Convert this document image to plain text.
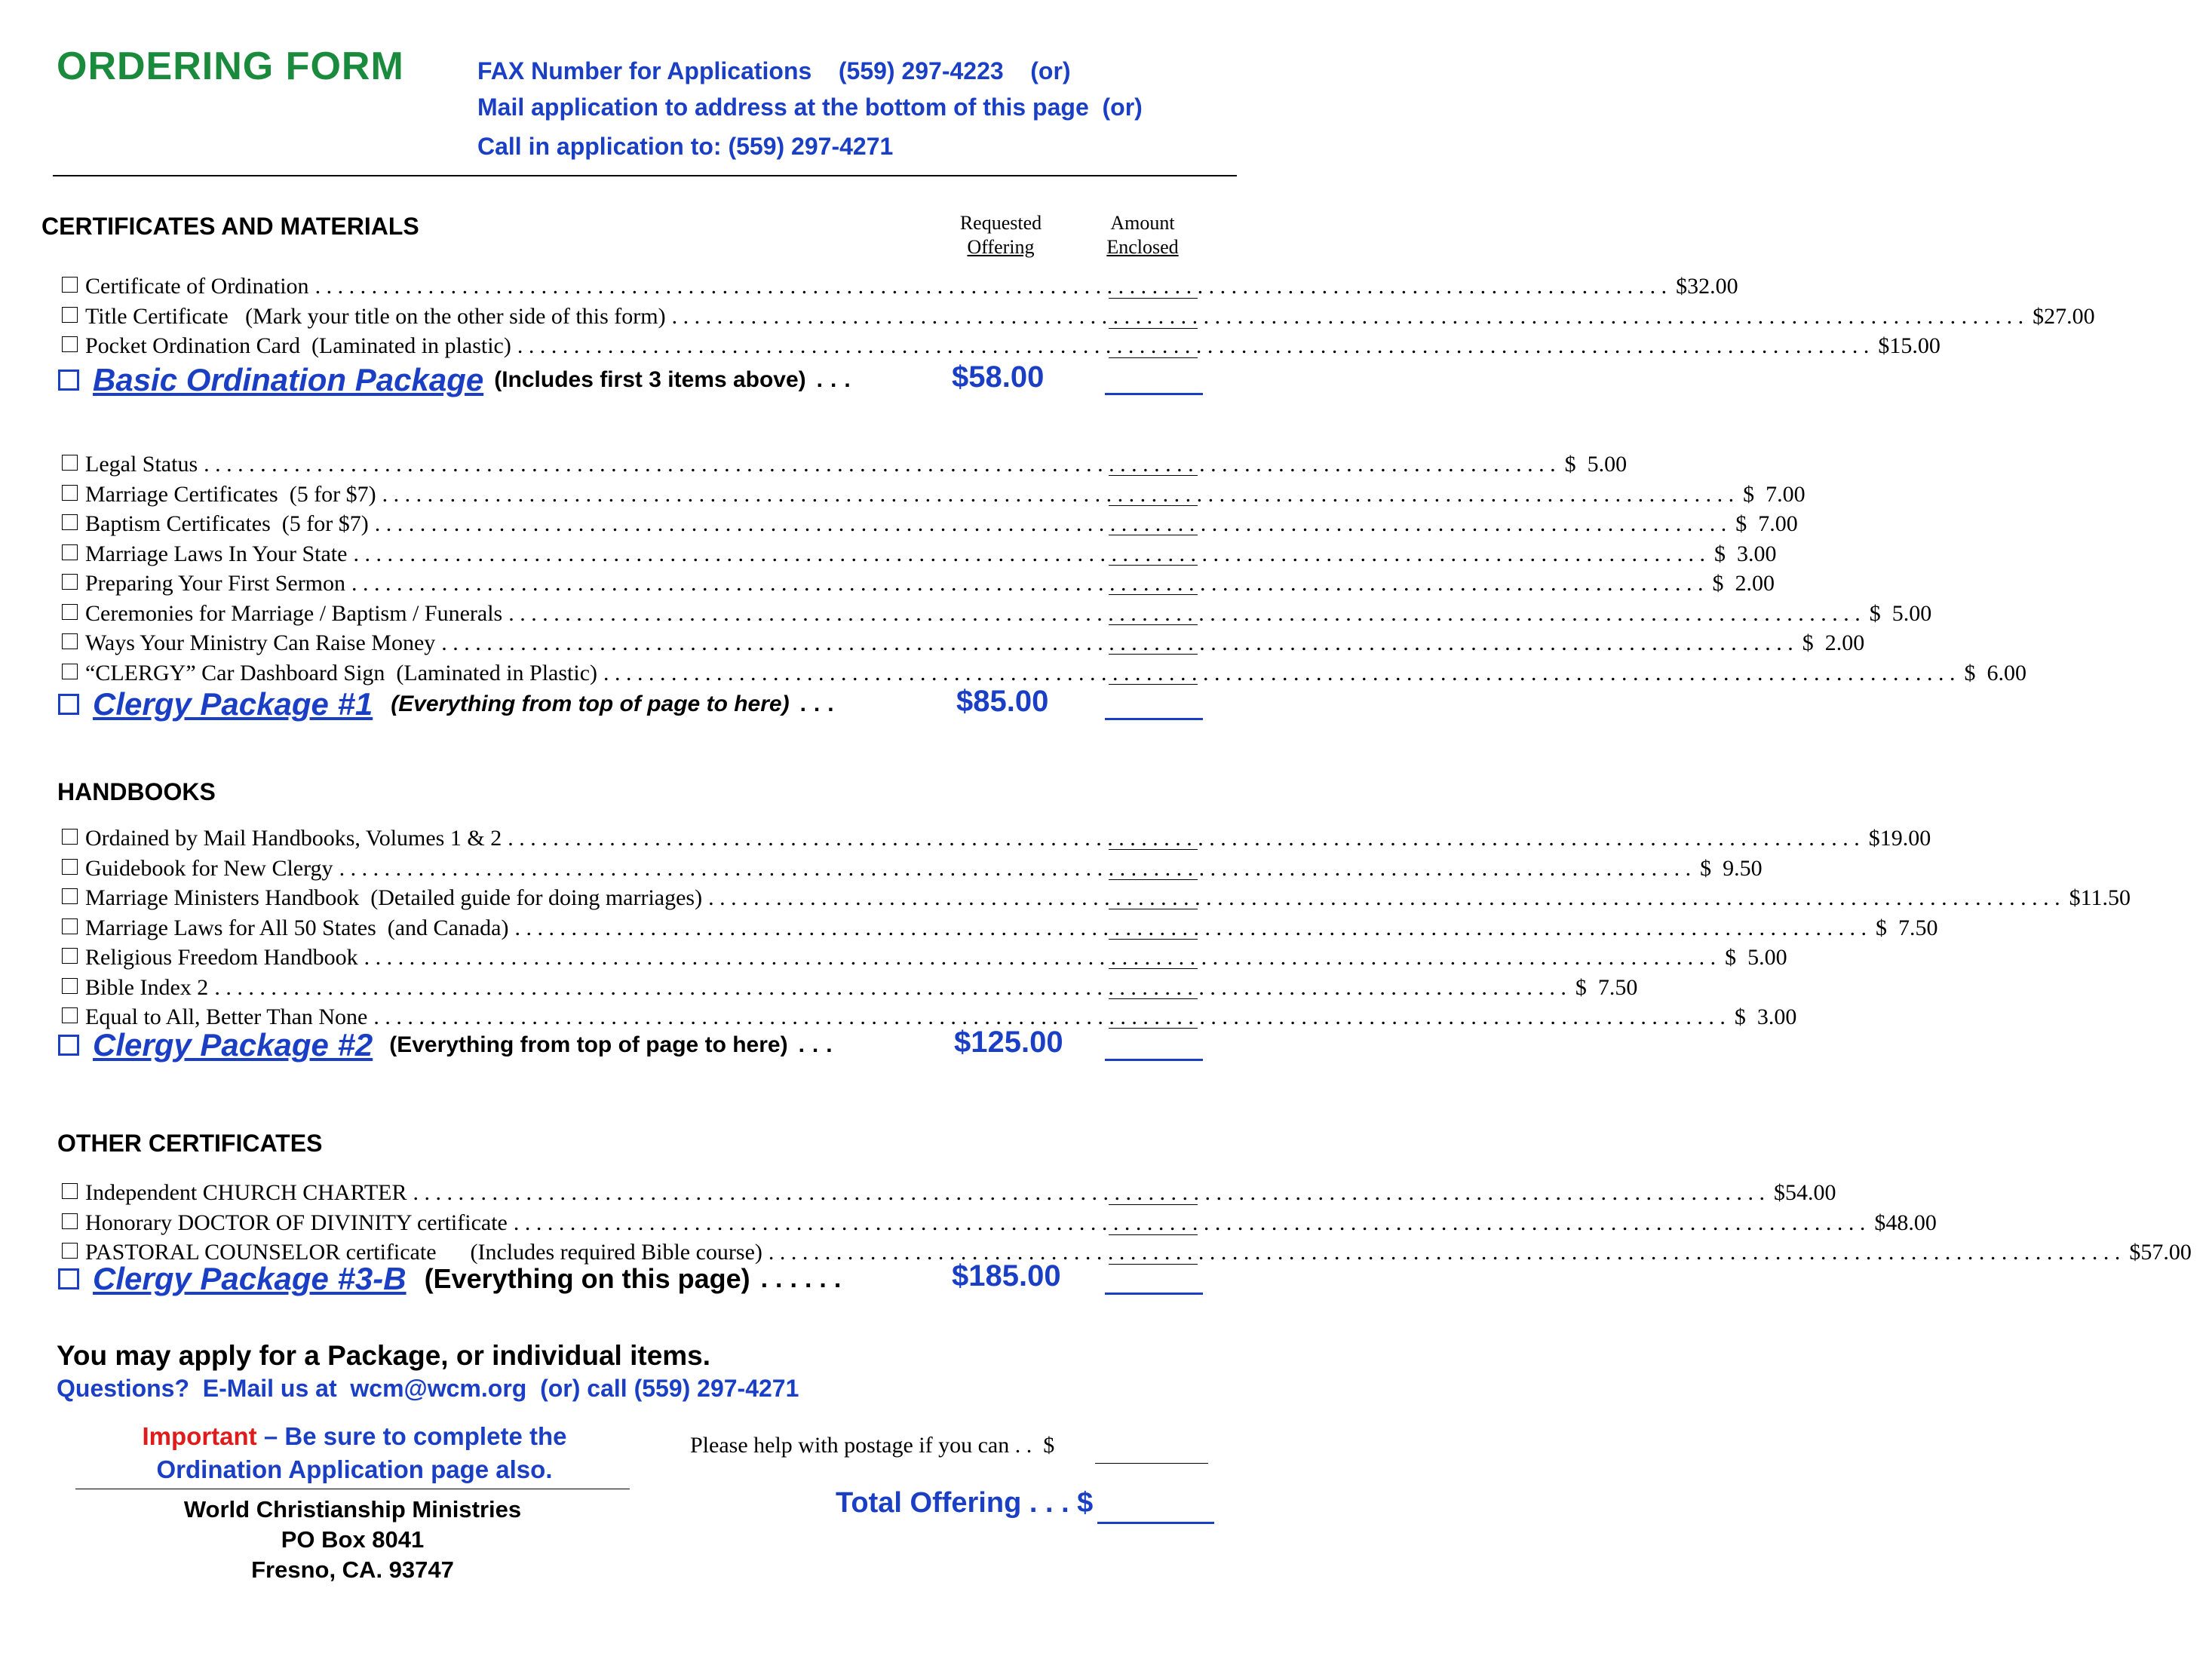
ORDERING FORM	FAX Number for Applications    (559) 297-4223    (or)
Mail application to address at the bottom of this page  (or)
Call in application to: (559) 297-4271
CERTIFICATES AND MATERIALS	Requested
Offering
Amount
Enclosed
Certificate of Ordination . . . . . . . . . . . . . . . . . . . . . . . . . . . . . . . . . . . . . . . . . . . . . . . . . . . . . . . . . . . . . . . . . . . . . . . . . . . . . . . . . . . . . . . . . . . . . . . . . . . . . . . . . . . . . . . . . . . . . . . . $32.00
Title Certificate   (Mark your title on the other side of this form) . . . . . . . . . . . . . . . . . . . . . . . . . . . . . . . . . . . . . . . . . . . . . . . . . . . . . . . . . . . . . . . . . . . . . . . . . . . . . . . . . . . . . . . . . . . . . . . . . . . . . . . . . . . . . . . . . . . . . . . . $27.00
Pocket Ordination Card  (Laminated in plastic) . . . . . . . . . . . . . . . . . . . . . . . . . . . . . . . . . . . . . . . . . . . . . . . . . . . . . . . . . . . . . . . . . . . . . . . . . . . . . . . . . . . . . . . . . . . . . . . . . . . . . . . . . . . . . . . . . . . . . . . . $15.00
Basic Ordination Package (Includes first 3 items above) ...	$58.00
Legal Status . . . . . . . . . . . . . . . . . . . . . . . . . . . . . . . . . . . . . . . . . . . . . . . . . . . . . . . . . . . . . . . . . . . . . . . . . . . . . . . . . . . . . . . . . . . . . . . . . . . . . . . . . . . . . . . . . . . . . . . . $  5.00
Marriage Certificates  (5 for $7) . . . . . . . . . . . . . . . . . . . . . . . . . . . . . . . . . . . . . . . . . . . . . . . . . . . . . . . . . . . . . . . . . . . . . . . . . . . . . . . . . . . . . . . . . . . . . . . . . . . . . . . . . . . . . . . . . . . . . . . . $  7.00
Baptism Certificates  (5 for $7) . . . . . . . . . . . . . . . . . . . . . . . . . . . . . . . . . . . . . . . . . . . . . . . . . . . . . . . . . . . . . . . . . . . . . . . . . . . . . . . . . . . . . . . . . . . . . . . . . . . . . . . . . . . . . . . . . . . . . . . . $  7.00
Marriage Laws In Your State . . . . . . . . . . . . . . . . . . . . . . . . . . . . . . . . . . . . . . . . . . . . . . . . . . . . . . . . . . . . . . . . . . . . . . . . . . . . . . . . . . . . . . . . . . . . . . . . . . . . . . . . . . . . . . . . . . . . . . . . $  3.00
Preparing Your First Sermon . . . . . . . . . . . . . . . . . . . . . . . . . . . . . . . . . . . . . . . . . . . . . . . . . . . . . . . . . . . . . . . . . . . . . . . . . . . . . . . . . . . . . . . . . . . . . . . . . . . . . . . . . . . . . . . . . . . . . . . . $  2.00
Ceremonies for Marriage / Baptism / Funerals . . . . . . . . . . . . . . . . . . . . . . . . . . . . . . . . . . . . . . . . . . . . . . . . . . . . . . . . . . . . . . . . . . . . . . . . . . . . . . . . . . . . . . . . . . . . . . . . . . . . . . . . . . . . . . . . . . . . . . . . $  5.00
Ways Your Ministry Can Raise Money . . . . . . . . . . . . . . . . . . . . . . . . . . . . . . . . . . . . . . . . . . . . . . . . . . . . . . . . . . . . . . . . . . . . . . . . . . . . . . . . . . . . . . . . . . . . . . . . . . . . . . . . . . . . . . . . . . . . . . . . $  2.00
“CLERGY” Car Dashboard Sign  (Laminated in Plastic) . . . . . . . . . . . . . . . . . . . . . . . . . . . . . . . . . . . . . . . . . . . . . . . . . . . . . . . . . . . . . . . . . . . . . . . . . . . . . . . . . . . . . . . . . . . . . . . . . . . . . . . . . . . . . . . . . . . . . . . . $  6.00
Clergy Package #1 (Everything from top of page to here) ...	$85.00
HANDBOOKS
Ordained by Mail Handbooks, Volumes 1 & 2 . . . . . . . . . . . . . . . . . . . . . . . . . . . . . . . . . . . . . . . . . . . . . . . . . . . . . . . . . . . . . . . . . . . . . . . . . . . . . . . . . . . . . . . . . . . . . . . . . . . . . . . . . . . . . . . . . . . . . . . . $19.00
Guidebook for New Clergy . . . . . . . . . . . . . . . . . . . . . . . . . . . . . . . . . . . . . . . . . . . . . . . . . . . . . . . . . . . . . . . . . . . . . . . . . . . . . . . . . . . . . . . . . . . . . . . . . . . . . . . . . . . . . . . . . . . . . . . . $  9.50
Marriage Ministers Handbook  (Detailed guide for doing marriages) . . . . . . . . . . . . . . . . . . . . . . . . . . . . . . . . . . . . . . . . . . . . . . . . . . . . . . . . . . . . . . . . . . . . . . . . . . . . . . . . . . . . . . . . . . . . . . . . . . . . . . . . . . . . . . . . . . . . . . . . $11.50
Marriage Laws for All 50 States  (and Canada) . . . . . . . . . . . . . . . . . . . . . . . . . . . . . . . . . . . . . . . . . . . . . . . . . . . . . . . . . . . . . . . . . . . . . . . . . . . . . . . . . . . . . . . . . . . . . . . . . . . . . . . . . . . . . . . . . . . . . . . . $  7.50
Religious Freedom Handbook . . . . . . . . . . . . . . . . . . . . . . . . . . . . . . . . . . . . . . . . . . . . . . . . . . . . . . . . . . . . . . . . . . . . . . . . . . . . . . . . . . . . . . . . . . . . . . . . . . . . . . . . . . . . . . . . . . . . . . . . $  5.00
Bible Index 2 . . . . . . . . . . . . . . . . . . . . . . . . . . . . . . . . . . . . . . . . . . . . . . . . . . . . . . . . . . . . . . . . . . . . . . . . . . . . . . . . . . . . . . . . . . . . . . . . . . . . . . . . . . . . . . . . . . . . . . . . $  7.50
Equal to All, Better Than None . . . . . . . . . . . . . . . . . . . . . . . . . . . . . . . . . . . . . . . . . . . . . . . . . . . . . . . . . . . . . . . . . . . . . . . . . . . . . . . . . . . . . . . . . . . . . . . . . . . . . . . . . . . . . . . . . . . . . . . . $  3.00
Clergy Package #2 (Everything from top of page to here) ...	$125.00
OTHER CERTIFICATES
Independent CHURCH CHARTER . . . . . . . . . . . . . . . . . . . . . . . . . . . . . . . . . . . . . . . . . . . . . . . . . . . . . . . . . . . . . . . . . . . . . . . . . . . . . . . . . . . . . . . . . . . . . . . . . . . . . . . . . . . . . . . . . . . . . . . . $54.00
Honorary DOCTOR OF DIVINITY certificate . . . . . . . . . . . . . . . . . . . . . . . . . . . . . . . . . . . . . . . . . . . . . . . . . . . . . . . . . . . . . . . . . . . . . . . . . . . . . . . . . . . . . . . . . . . . . . . . . . . . . . . . . . . . . . . . . . . . . . . . $48.00
PASTORAL COUNSELOR certificate      (Includes required Bible course) . . . . . . . . . . . . . . . . . . . . . . . . . . . . . . . . . . . . . . . . . . . . . . . . . . . . . . . . . . . . . . . . . . . . . . . . . . . . . . . . . . . . . . . . . . . . . . . . . . . . . . . . . . . . . . . . . . . . . . . . $57.00
Clergy Package #3-B (Everything on this page) ......	$185.00
You may apply for a Package, or individual items.
Questions?  E-Mail us at  wcm@wcm.org  (or) call (559) 297-4271
Important – Be sure to complete the
Ordination Application page also.
Please help with postage if you can . .  $
Total Offering . . . $
World Christianship Ministries
PO Box 8041
Fresno, CA. 93747
